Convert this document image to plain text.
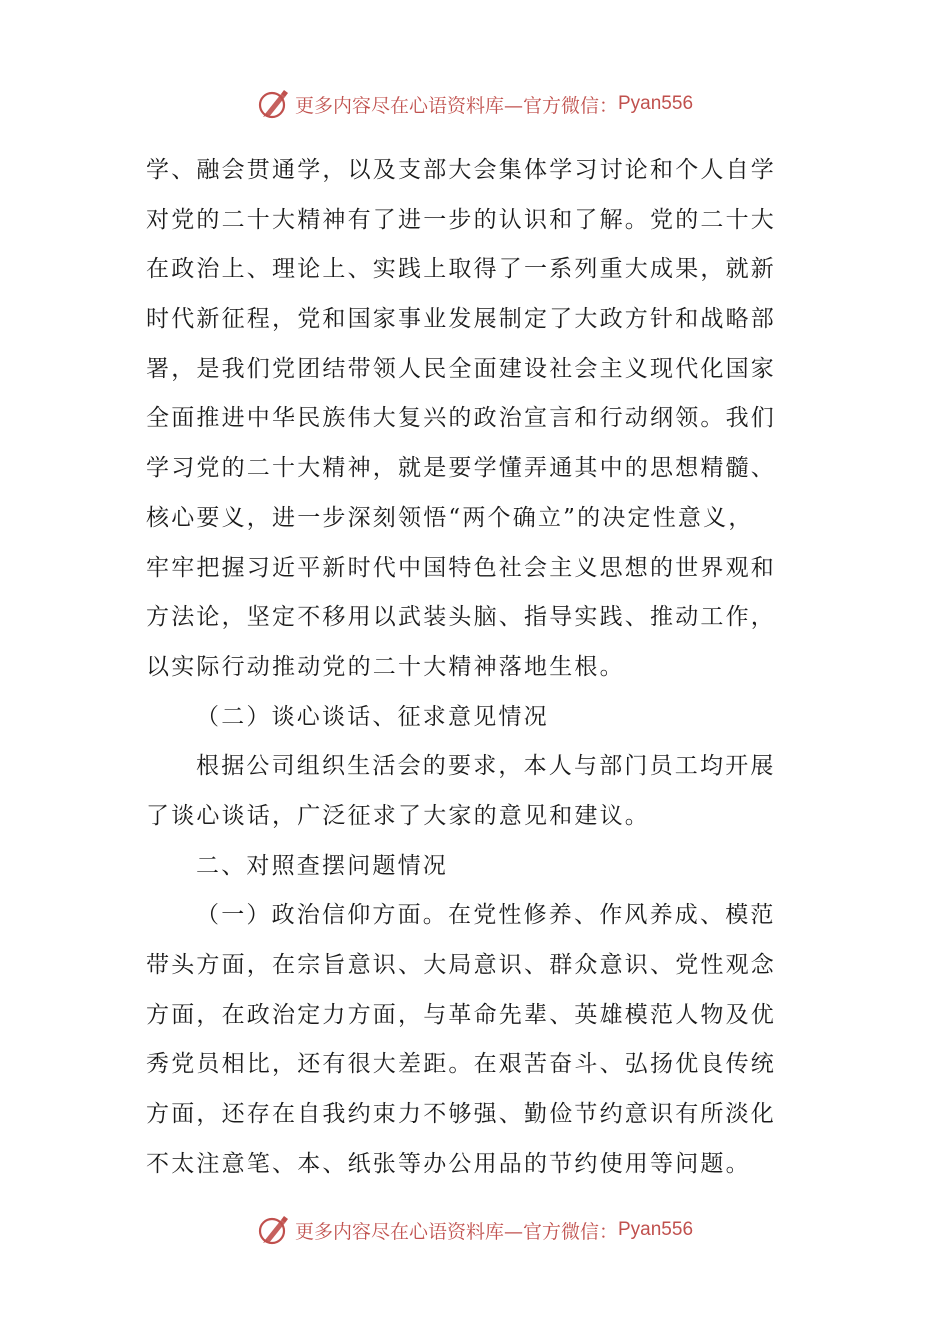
更多内容尽在心语资料库—官方微信： Pyan556
学、融会贯通学，以及支部大会集体学习讨论和个人自学
对党的二十大精神有了进一步的认识和了解。党的二十大
在政治上、理论上、实践上取得了一系列重大成果，就新
时代新征程，党和国家事业发展制定了大政方针和战略部
署，是我们党团结带领人民全面建设社会主义现代化国家
全面推进中华民族伟大复兴的政治宣言和行动纲领。我们
学习党的二十大精神，就是要学懂弄通其中的思想精髓、
核心要义，进一步深刻领悟“两个确立”的决定性意义，
牢牢把握习近平新时代中国特色社会主义思想的世界观和
方法论，坚定不移用以武装头脑、指导实践、推动工作，
以实际行动推动党的二十大精神落地生根。
（二）谈心谈话、征求意见情况
根据公司组织生活会的要求，本人与部门员工均开展
了谈心谈话，广泛征求了大家的意见和建议。
二、对照查摆问题情况
（一）政治信仰方面。在党性修养、作风养成、模范
带头方面，在宗旨意识、大局意识、群众意识、党性观念
方面，在政治定力方面，与革命先辈、英雄模范人物及优
秀党员相比，还有很大差距。在艰苦奋斗、弘扬优良传统
方面，还存在自我约束力不够强、勤俭节约意识有所淡化
不太注意笔、本、纸张等办公用品的节约使用等问题。
更多内容尽在心语资料库—官方微信： Pyan556
